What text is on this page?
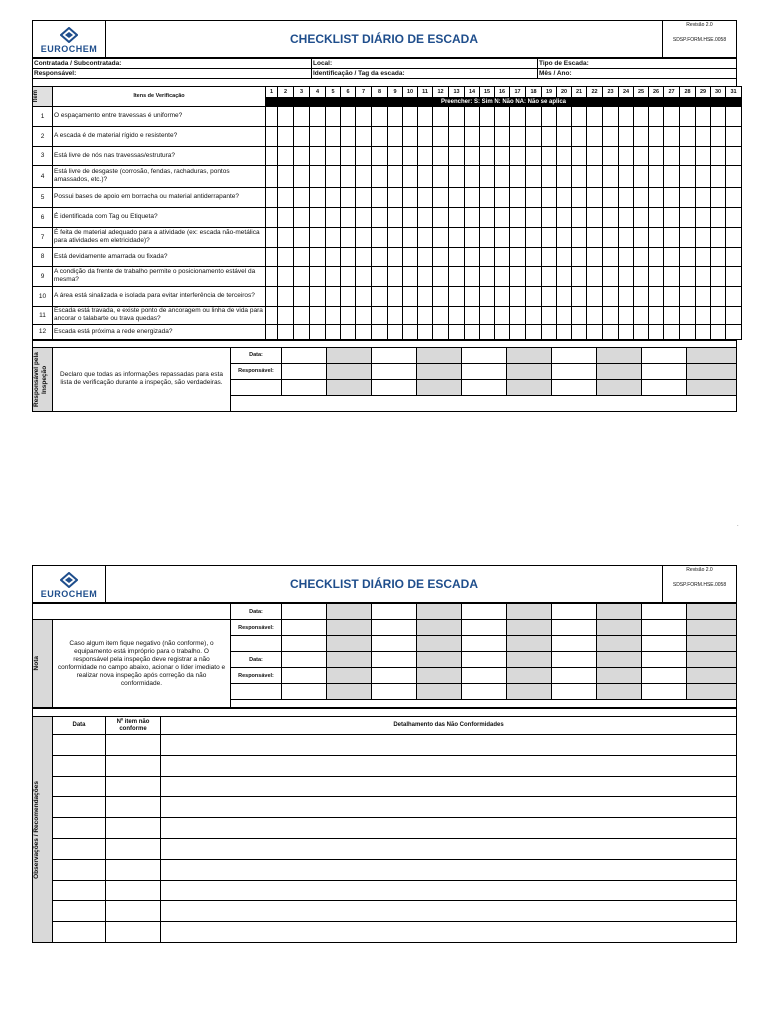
.
EUROCHEM
	CHECKLIST DIÁRIO DE ESCADA	Revisão 2.0
SDSP.FORM.HSE.0058
Contratada / Subcontratada:	Local:	Tipo de Escada:
Responsável:	Identificação / Tag da escada:	Mês / Ano:

Item	Itens de Verificação	1	2	3	4	5	6	7	8	9	10	11	12	13	14	15	16	17	18	19	20	21	22	23	24	25	26	27	28	29	30	31
		Preencher: S: Sim N: Não NA: Não se aplica																														
1	O espaçamento entre travessas é uniforme?																															
2	A escada é de material rígido e resistente?																															
3	Está livre de nós nas travessas/estrutura?																															
4	Está livre de desgaste (corrosão, fendas, rachaduras, pontos amassados, etc.)?																															
5	Possui bases de apoio em borracha ou material antiderrapante?																															
6	É identificada com Tag ou Etiqueta?																															
7	É feita de material adequado para a atividade (ex: escada não-metálica para atividades em eletricidade)?																															
8	Está devidamente amarrada ou fixada?																															
9	A condição da frente de trabalho permite o posicionamento estável da mesma?																															
10	A área está sinalizada e isolada para evitar interferência de terceiros?																															
11	Escada está travada, e existe ponto de ancoragem ou linha de vida para ancorar o talabarte ou trava quedas?																															
12	Escada está próxima a rede energizada?																															

Responsável pela Inspeção	Declaro que todas as informações repassadas para esta lista de verificação durante a inspeção, são verdadeiras.	Data:										
		Responsável:										

EUROCHEM
	CHECKLIST DIÁRIO DE ESCADA	Revisão 2.0
SDSP.FORM.HSE.0058
		Data:										

Nota	Caso algum item fique negativo (não conforme), o equipamento está impróprio para o trabalho. O responsável pela inspeção deve registrar a não conformidade no campo abaixo, acionar o líder imediato e realizar nova inspeção após correção da não conformidade.	Responsável:										

		Data:										
		Responsável:										

Observações / Recomendações	Data	Nº item não conforme	Detalhamento das Não Conformidades
